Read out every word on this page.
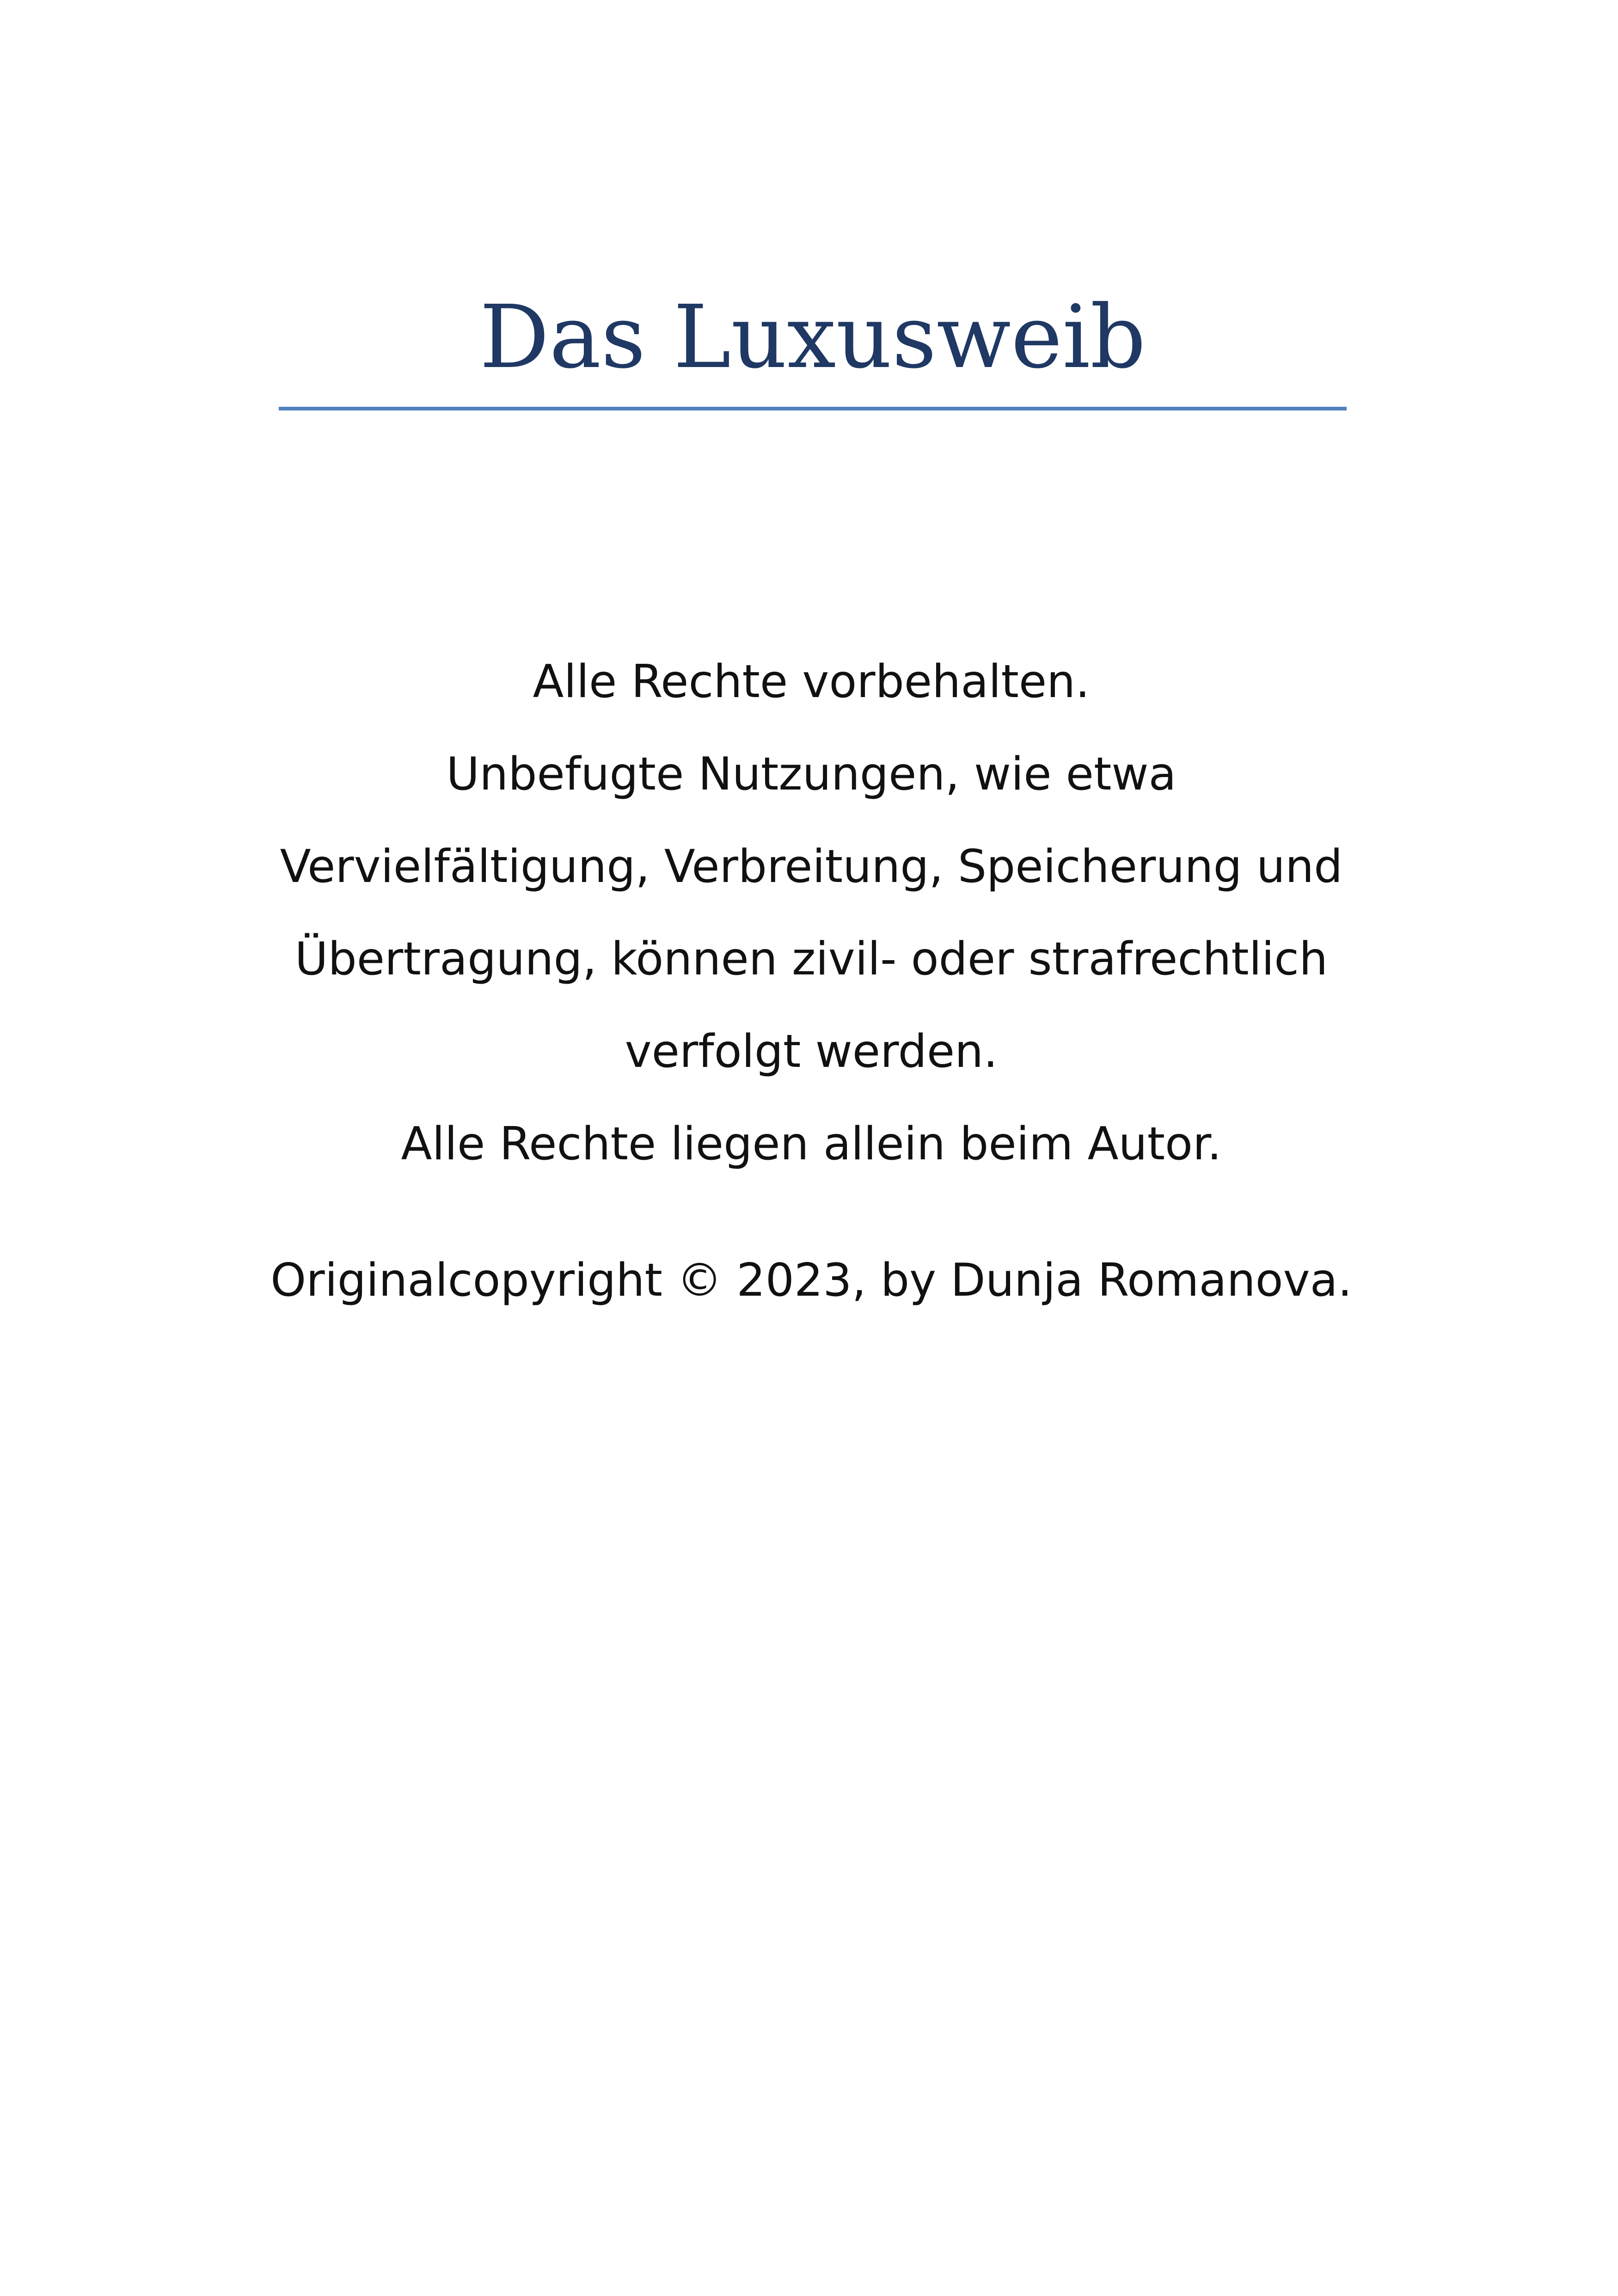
Das Luxusweib
Alle Rechte vorbehalten.
Unbefugte Nutzungen, wie etwa
Vervielfältigung, Verbreitung, Speicherung und
Übertragung, können zivil- oder strafrechtlich
verfolgt werden.
Alle Rechte liegen allein beim Autor.

Originalcopyright © 2023, by Dunja Romanova.
